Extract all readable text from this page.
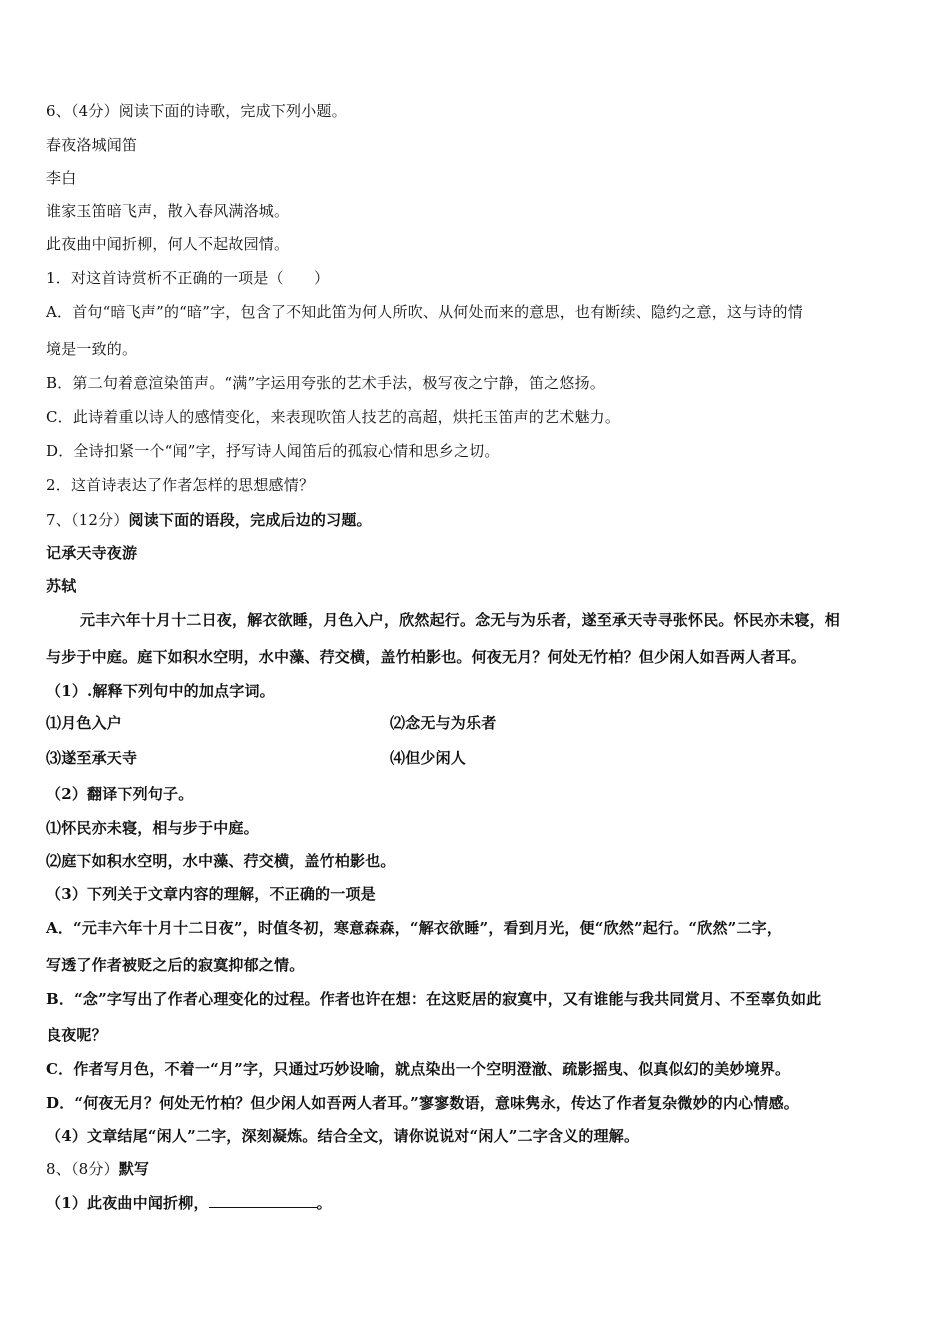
6、（4分）阅读下面的诗歌，完成下列小题。

春夜洛城闻笛

李白

谁家玉笛暗飞声，散入春风满洛城。

此夜曲中闻折柳，何人不起故园情。

1．对这首诗赏析不正确的一项是（　　）

A．首句“暗飞声”的“暗”字，包含了不知此笛为何人所吹、从何处而来的意思，也有断续、隐约之意，这与诗的情

境是一致的。

B．第二句着意渲染笛声。“满”字运用夸张的艺术手法，极写夜之宁静，笛之悠扬。

C．此诗着重以诗人的感情变化，来表现吹笛人技艺的高超，烘托玉笛声的艺术魅力。

D．全诗扣紧一个“闻”字，抒写诗人闻笛后的孤寂心情和思乡之切。

2．这首诗表达了作者怎样的思想感情？

7、（12分）阅读下面的语段，完成后边的习题。

记承天寺夜游

苏轼

元丰六年十月十二日夜，解衣欲睡，月色入户，欣然起行。念无与为乐者，遂至承天寺寻张怀民。怀民亦未寝，相

与步于中庭。庭下如积水空明，水中藻、荇交横，盖竹柏影也。何夜无月？何处无竹柏？但少闲人如吾两人者耳。

（1）.解释下列句中的加点字词。

⑴月色入户	⑵念无与为乐者

⑶遂至承天寺	⑷但少闲人

（2）翻译下列句子。

⑴怀民亦未寝，相与步于中庭。

⑵庭下如积水空明，水中藻、荇交横，盖竹柏影也。

（3）下列关于文章内容的理解，不正确的一项是

A．“元丰六年十月十二日夜”，时值冬初，寒意森森，“解衣欲睡”，看到月光，便“欣然”起行。“欣然”二字，

写透了作者被贬之后的寂寞抑郁之情。

B．“念”字写出了作者心理变化的过程。作者也许在想：在这贬居的寂寞中，又有谁能与我共同赏月、不至辜负如此

良夜呢？

C．作者写月色，不着一“月”字，只通过巧妙设喻，就点染出一个空明澄澈、疏影摇曳、似真似幻的美妙境界。

D．“何夜无月？何处无竹柏？但少闲人如吾两人者耳。”寥寥数语，意味隽永，传达了作者复杂微妙的内心情感。

（4）文章结尾“闲人”二字，深刻凝炼。结合全文，请你说说对“闲人”二字含义的理解。

8、（8分）默写

（1）此夜曲中闻折柳，	。
